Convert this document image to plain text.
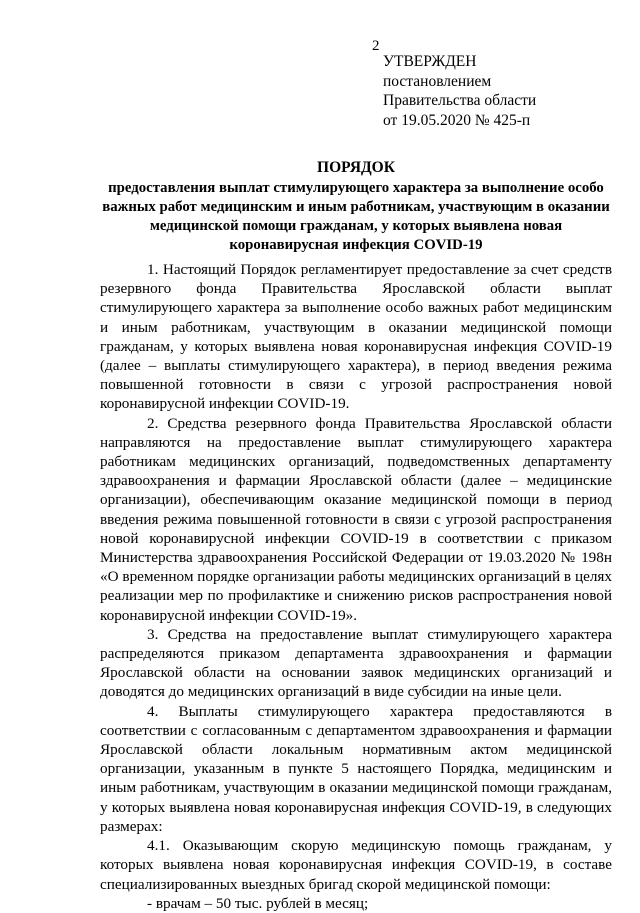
2
УТВЕРЖДЕН
постановлением
Правительства области
от 19.05.2020 № 425-п
ПОРЯДОК
предоставления выплат стимулирующего характера за выполнение особо важных работ медицинским и иным работникам, участвующим в оказании медицинской помощи гражданам, у которых выявлена новая коронавирусная инфекция COVID-19

1. Настоящий Порядок регламентирует предоставление за счет средств резервного фонда Правительства Ярославской области выплат стимулирующего характера за выполнение особо важных работ медицинским и иным работникам, участвующим в оказании медицинской помощи гражданам, у которых выявлена новая коронавирусная инфекция COVID-19 (далее – выплаты стимулирующего характера), в период введения режима повышенной готовности в связи с угрозой распространения новой коронавирусной инфекции COVID-19.

2. Средства резервного фонда Правительства Ярославской области направляются на предоставление выплат стимулирующего характера работникам медицинских организаций, подведомственных департаменту здравоохранения и фармации Ярославской области (далее – медицинские организации), обеспечивающим оказание медицинской помощи в период введения режима повышенной готовности в связи с угрозой распространения новой коронавирусной инфекции COVID-19 в соответствии с приказом Министерства здравоохранения Российской Федерации от 19.03.2020 № 198н «О временном порядке организации работы медицинских организаций в целях реализации мер по профилактике и снижению рисков распространения новой коронавирусной инфекции COVID-19».

3. Средства на предоставление выплат стимулирующего характера распределяются приказом департамента здравоохранения и фармации Ярославской области на основании заявок медицинских организаций и доводятся до медицинских организаций в виде субсидии на иные цели.

4. Выплаты стимулирующего характера предоставляются в соответствии с согласованным с департаментом здравоохранения и фармации Ярославской области локальным нормативным актом медицинской организации, указанным в пункте 5 настоящего Порядка, медицинским и иным работникам, участвующим в оказании медицинской помощи гражданам, у которых выявлена новая коронавирусная инфекция COVID-19, в следующих размерах:

4.1. Оказывающим скорую медицинскую помощь гражданам, у которых выявлена новая коронавирусная инфекция COVID-19, в составе специализированных выездных бригад скорой медицинской помощи:

- врачам – 50 тыс. рублей в месяц;
